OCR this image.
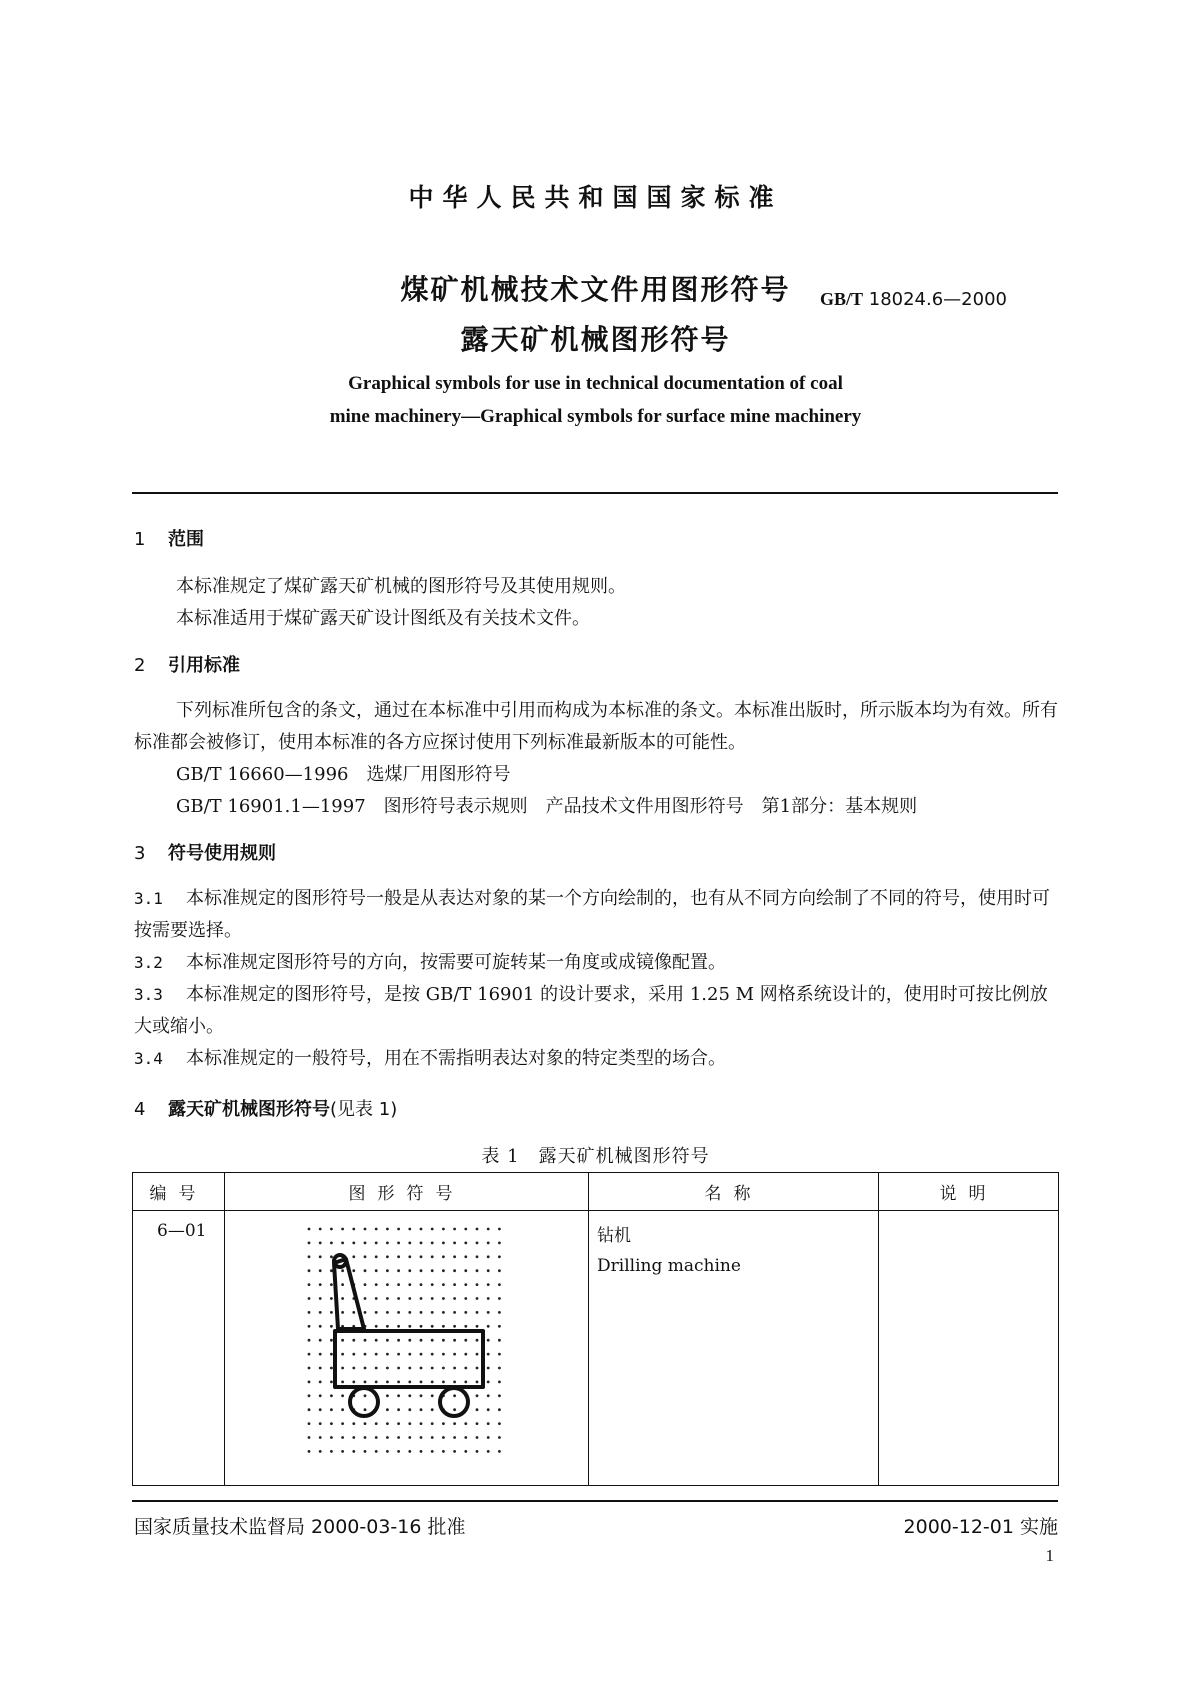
中华人民共和国国家标准
煤矿机械技术文件用图形符号
露天矿机械图形符号
GB/T 18024.6—2000
Graphical symbols for use in technical documentation of coal
mine machinery—Graphical symbols for surface mine machinery
1 范围
本标准规定了煤矿露天矿机械的图形符号及其使用规则。
本标准适用于煤矿露天矿设计图纸及有关技术文件。
2 引用标准
下列标准所包含的条文，通过在本标准中引用而构成为本标准的条文。本标准出版时，所示版本均为有效。所有标准都会被修订，使用本标准的各方应探讨使用下列标准最新版本的可能性。
GB/T 16660—1996　选煤厂用图形符号
GB/T 16901.1—1997　图形符号表示规则　产品技术文件用图形符号　第1部分：基本规则
3 符号使用规则
3.1 本标准规定的图形符号一般是从表达对象的某一个方向绘制的，也有从不同方向绘制了不同的符号，使用时可按需要选择。
3.2 本标准规定图形符号的方向，按需要可旋转某一角度或成镜像配置。
3.3 本标准规定的图形符号，是按 GB/T 16901 的设计要求，采用 1.25 M 网格系统设计的，使用时可按比例放大或缩小。
3.4 本标准规定的一般符号，用在不需指明表达对象的特定类型的场合。
4 露天矿机械图形符号(见表 1)
表 1　露天矿机械图形符号
编号	图形符号	名称	说明
6—01		钻机
Drilling machine	

国家质量技术监督局 2000-03-16 批准	2000-12-01 实施
1
